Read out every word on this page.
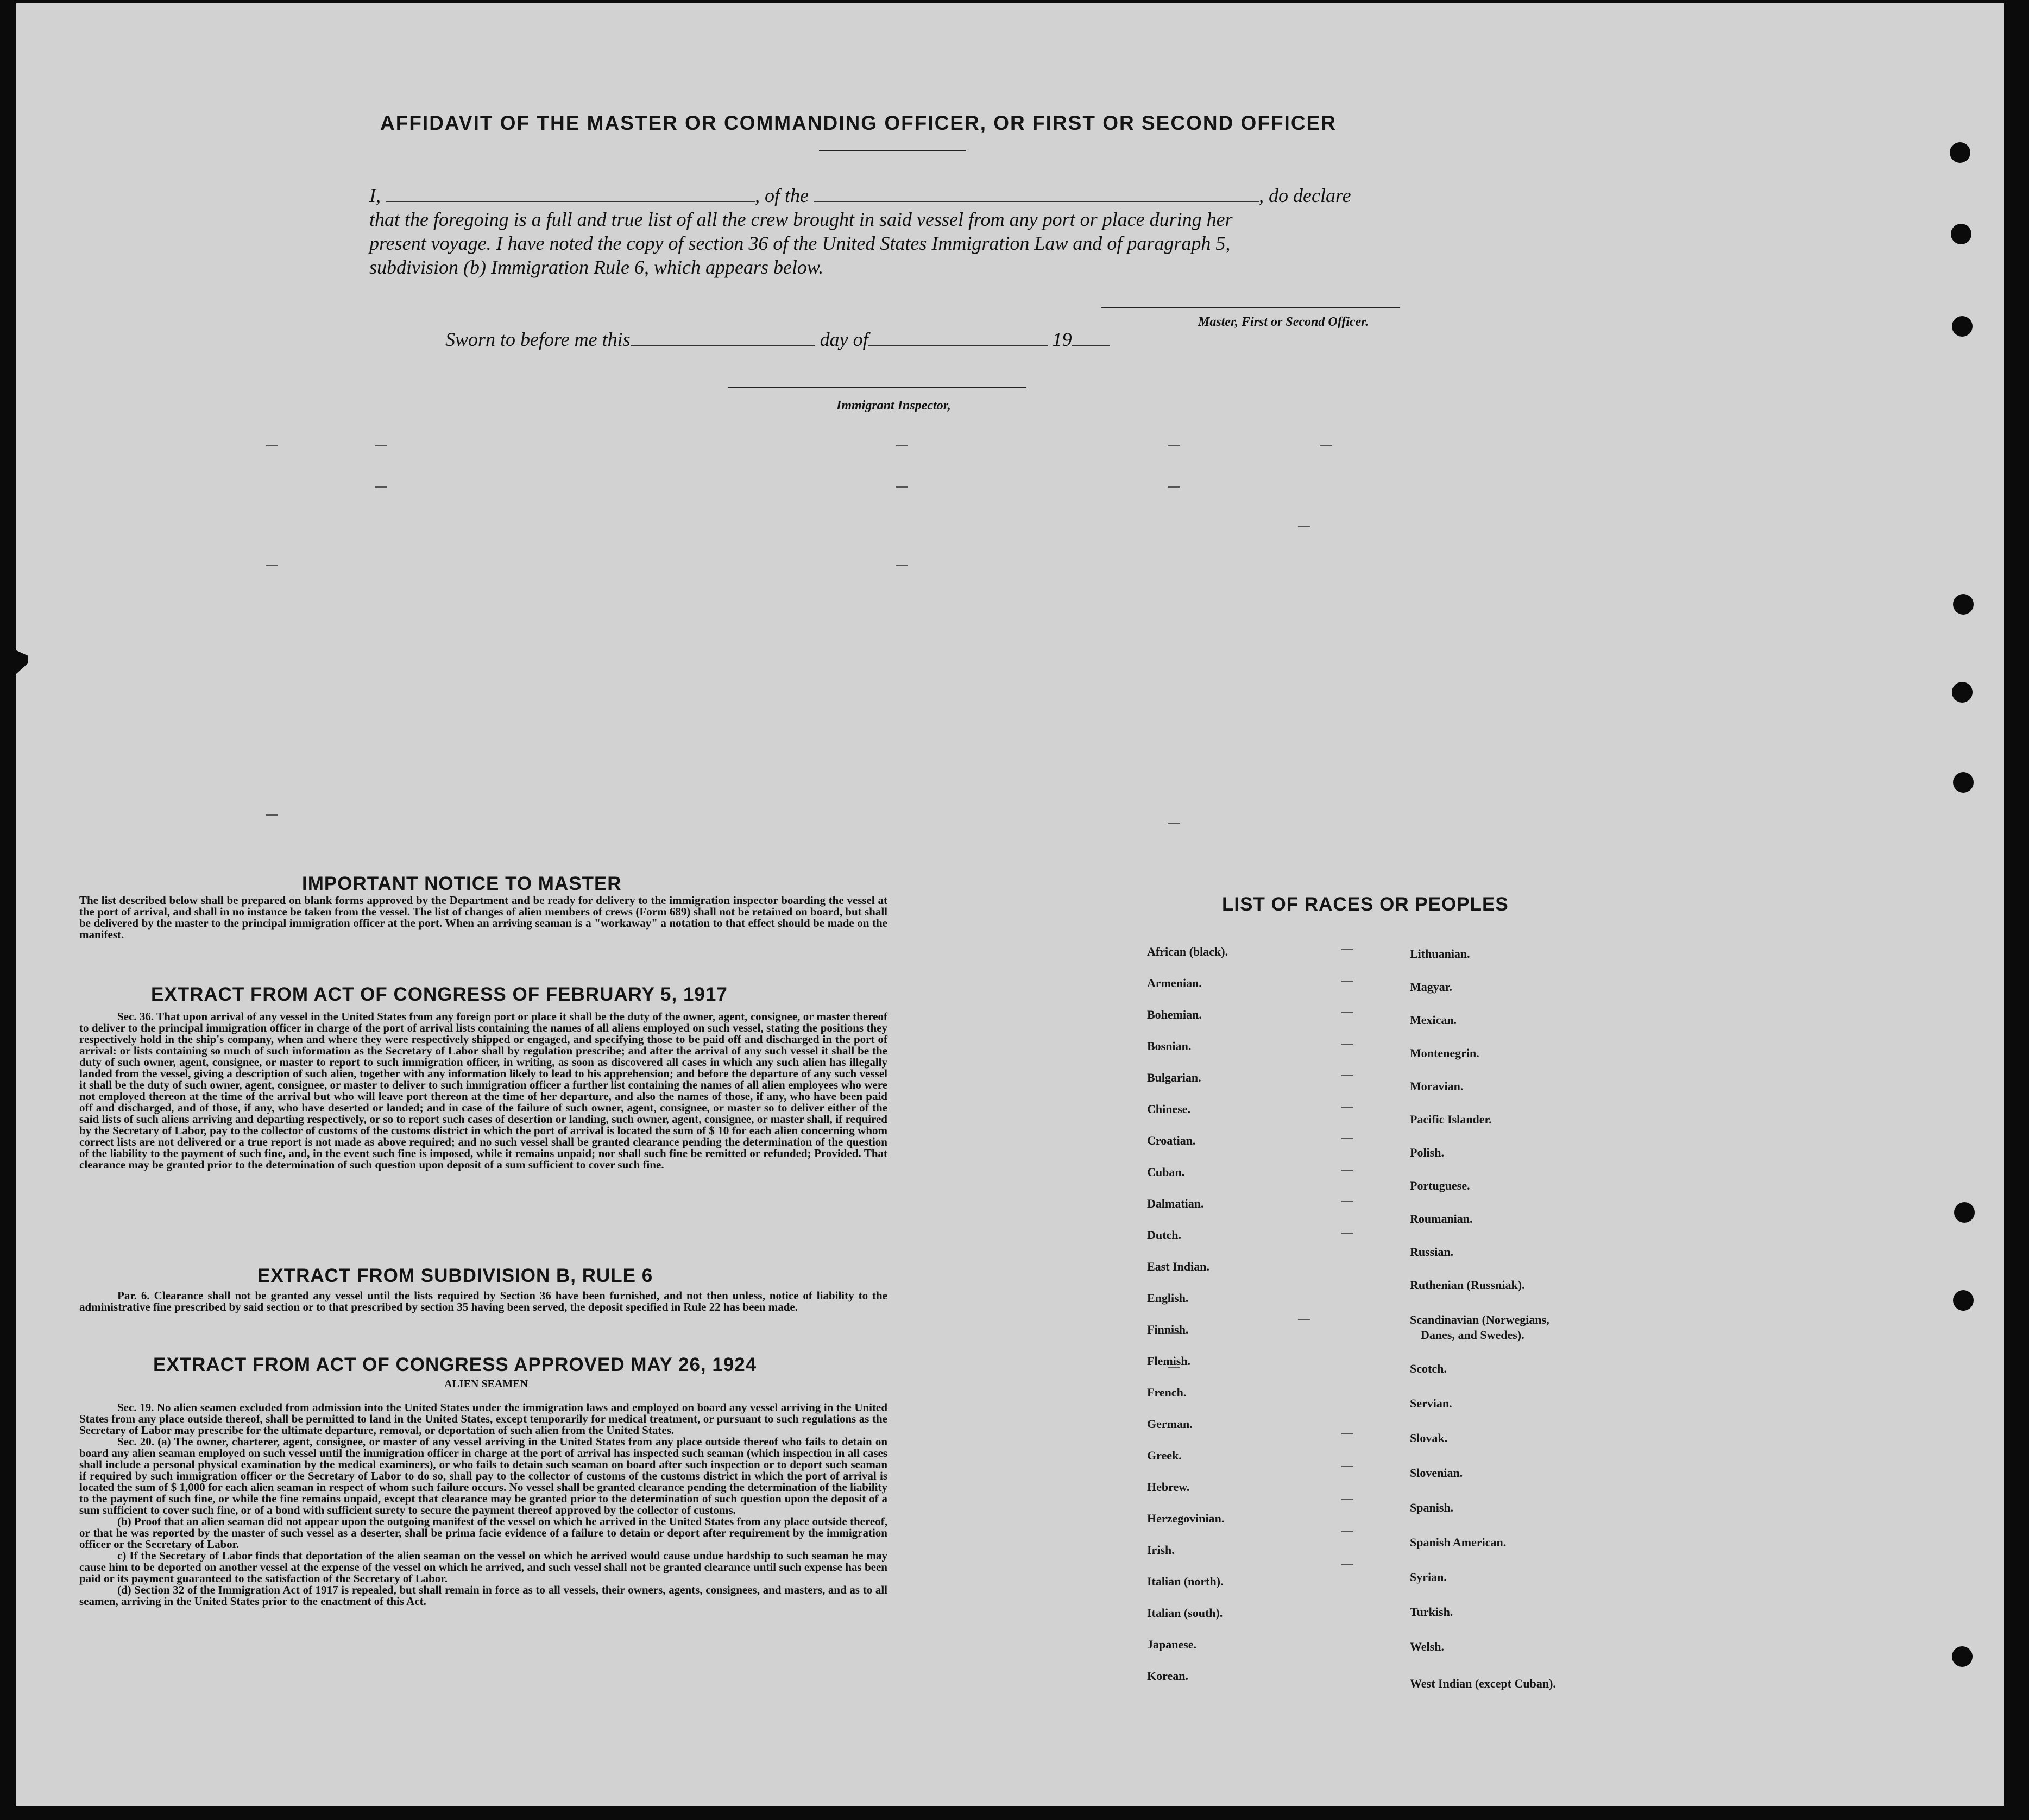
AFFIDAVIT OF THE MASTER OR COMMANDING OFFICER, OR FIRST OR SECOND OFFICER
I,	, of the	, do declare
that the foregoing is a full and true list of all the crew brought in said vessel from any port or place during her
present voyage. I have noted the copy of section 36 of the United States Immigration Law and of paragraph 5,
subdivision (b) Immigration Rule 6, which appears below.
Master, First or Second Officer.
Sworn to before me this	day of	19
Immigrant Inspector,
IMPORTANT NOTICE TO MASTER
The list described below shall be prepared on blank forms approved by the Department and be ready for delivery to the immigration inspector boarding the vessel at the port of arrival, and shall in no instance be taken from the vessel. The list of changes of alien members of crews (Form 689) shall not be retained on board, but shall be delivered by the master to the principal immigration officer at the port. When an arriving seaman is a "workaway" a notation to that effect should be made on the manifest.
EXTRACT FROM ACT OF CONGRESS OF FEBRUARY 5, 1917
Sec. 36. That upon arrival of any vessel in the United States from any foreign port or place it shall be the duty of the owner, agent, consignee, or master thereof to deliver to the principal immigration officer in charge of the port of arrival lists containing the names of all aliens employed on such vessel, stating the positions they respectively hold in the ship's company, when and where they were respectively shipped or engaged, and specifying those to be paid off and discharged in the port of arrival: or lists containing so much of such information as the Secretary of Labor shall by regulation prescribe; and after the arrival of any such vessel it shall be the duty of such owner, agent, consignee, or master to report to such immigration officer, in writing, as soon as discovered all cases in which any such alien has illegally landed from the vessel, giving a description of such alien, together with any information likely to lead to his apprehension; and before the departure of any such vessel it shall be the duty of such owner, agent, consignee, or master to deliver to such immigration officer a further list containing the names of all alien employees who were not employed thereon at the time of the arrival but who will leave port thereon at the time of her departure, and also the names of those, if any, who have been paid off and discharged, and of those, if any, who have deserted or landed; and in case of the failure of such owner, agent, consignee, or master so to deliver either of the said lists of such aliens arriving and departing respectively, or so to report such cases of desertion or landing, such owner, agent, consignee, or master shall, if required by the Secretary of Labor, pay to the collector of customs of the customs district in which the port of arrival is located the sum of $ 10 for each alien concerning whom correct lists are not delivered or a true report is not made as above required; and no such vessel shall be granted clearance pending the determination of the question of the liability to the payment of such fine, and, in the event such fine is imposed, while it remains unpaid; nor shall such fine be remitted or refunded; Provided. That clearance may be granted prior to the determination of such question upon deposit of a sum sufficient to cover such fine.
EXTRACT FROM SUBDIVISION B, RULE 6
Par. 6. Clearance shall not be granted any vessel until the lists required by Section 36 have been furnished, and not then unless, notice of liability to the administrative fine prescribed by said section or to that prescribed by section 35 having been served, the deposit specified in Rule 22 has been made.
EXTRACT FROM ACT OF CONGRESS APPROVED MAY 26, 1924
ALIEN SEAMEN
Sec. 19. No alien seamen excluded from admission into the United States under the immigration laws and employed on board any vessel arriving in the United States from any place outside thereof, shall be permitted to land in the United States, except temporarily for medical treatment, or pursuant to such regulations as the Secretary of Labor may prescribe for the ultimate departure, removal, or deportation of such alien from the United States.
Sec. 20. (a) The owner, charterer, agent, consignee, or master of any vessel arriving in the United States from any place outside thereof who fails to detain on board any alien seaman employed on such vessel until the immigration officer in charge at the port of arrival has inspected such seaman (which inspection in all cases shall include a personal physical examination by the medical examiners), or who fails to detain such seaman on board after such inspection or to deport such seaman if required by such immigration officer or the Secretary of Labor to do so, shall pay to the collector of customs of the customs district in which the port of arrival is located the sum of $ 1,000 for each alien seaman in respect of whom such failure occurs. No vessel shall be granted clearance pending the determination of the liability to the payment of such fine, or while the fine remains unpaid, except that clearance may be granted prior to the determination of such question upon the deposit of a sum sufficient to cover such fine, or of a bond with sufficient surety to secure the payment thereof approved by the collector of customs.
(b) Proof that an alien seaman did not appear upon the outgoing manifest of the vessel on which he arrived in the United States from any place outside thereof, or that he was reported by the master of such vessel as a deserter, shall be prima facie evidence of a failure to detain or deport after requirement by the immigration officer or the Secretary of Labor.
c) If the Secretary of Labor finds that deportation of the alien seaman on the vessel on which he arrived would cause undue hardship to such seaman he may cause him to be deported on another vessel at the expense of the vessel on which he arrived, and such vessel shall not be granted clearance until such expense has been paid or its payment guaranteed to the satisfaction of the Secretary of Labor.
(d) Section 32 of the Immigration Act of 1917 is repealed, but shall remain in force as to all vessels, their owners, agents, consignees, and masters, and as to all seamen, arriving in the United States prior to the enactment of this Act.
LIST OF RACES OR PEOPLES
African (black).
Armenian.
Bohemian.
Bosnian.
Bulgarian.
Chinese.
Croatian.
Cuban.
Dalmatian.
Dutch.
East Indian.
English.
Finnish.
Flemish.
French.
German.
Greek.
Hebrew.
Herzegovinian.
Irish.
Italian (north).
Italian (south).
Japanese.
Korean.
Lithuanian.
Magyar.
Mexican.
Montenegrin.
Moravian.
Pacific Islander.
Polish.
Portuguese.
Roumanian.
Russian.
Ruthenian (Russniak).
Scandinavian (Norwegians,
Danes, and Swedes).
Scotch.
Servian.
Slovak.
Slovenian.
Spanish.
Spanish American.
Syrian.
Turkish.
Welsh.
West Indian (except Cuban).
